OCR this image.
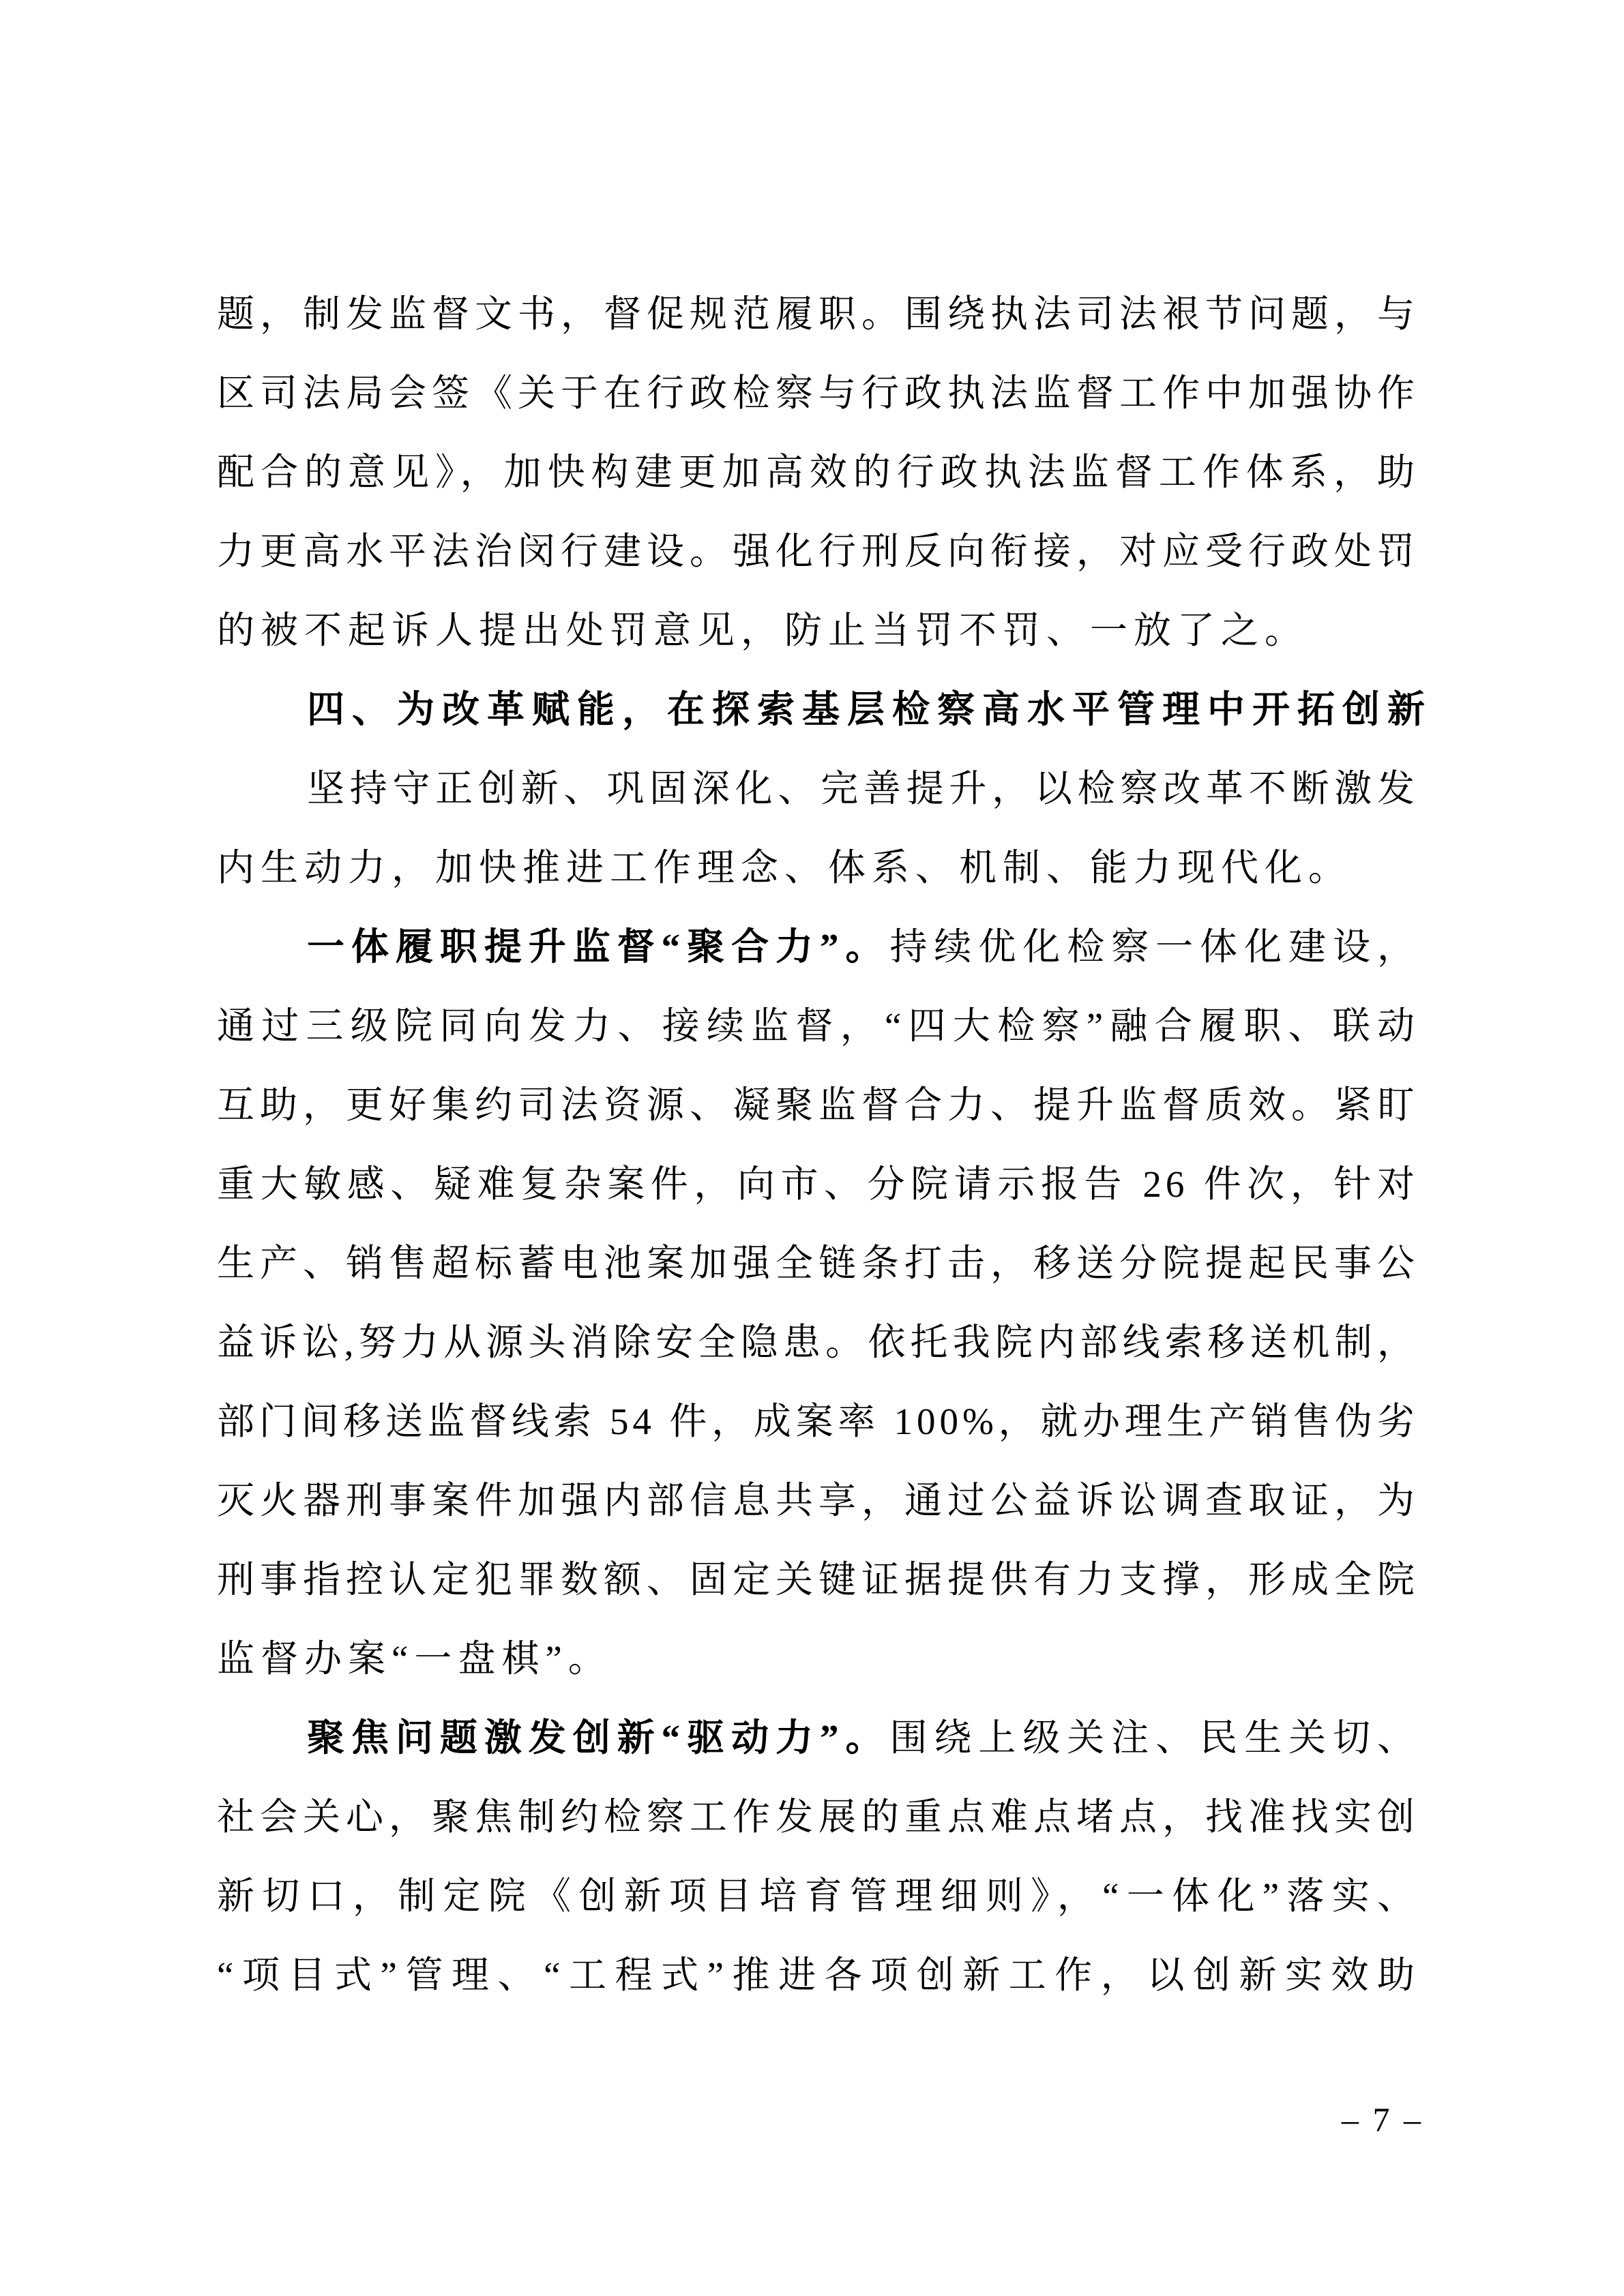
题，制发监督文书，督促规范履职。围绕执法司法裉节问题，与
区司法局会签《关于在行政检察与行政执法监督工作中加强协作
配合的意见》，加快构建更加高效的行政执法监督工作体系，助
力更高水平法治闵行建设。强化行刑反向衔接，对应受行政处罚
的被不起诉人提出处罚意见，防止当罚不罚、一放了之。
四、为改革赋能，在探索基层检察高水平管理中开拓创新
坚持守正创新、巩固深化、完善提升，以检察改革不断激发
内生动力，加快推进工作理念、体系、机制、能力现代化。
一体履职提升监督“聚合力”。持续优化检察一体化建设，
通过三级院同向发力、接续监督，“四大检察”融合履职、联动
互助，更好集约司法资源、凝聚监督合力、提升监督质效。紧盯
重大敏感、疑难复杂案件，向市、分院请示报告 26 件次，针对
生产、销售超标蓄电池案加强全链条打击，移送分院提起民事公
益诉讼,努力从源头消除安全隐患。依托我院内部线索移送机制，
部门间移送监督线索 54 件，成案率 100%，就办理生产销售伪劣
灭火器刑事案件加强内部信息共享，通过公益诉讼调查取证，为
刑事指控认定犯罪数额、固定关键证据提供有力支撑，形成全院
监督办案“一盘棋”。
聚焦问题激发创新“驱动力”。围绕上级关注、民生关切、
社会关心，聚焦制约检察工作发展的重点难点堵点，找准找实创
新切口，制定院《创新项目培育管理细则》，“一体化”落实、
“项目式”管理、“工程式”推进各项创新工作，以创新实效助
– 7 –
